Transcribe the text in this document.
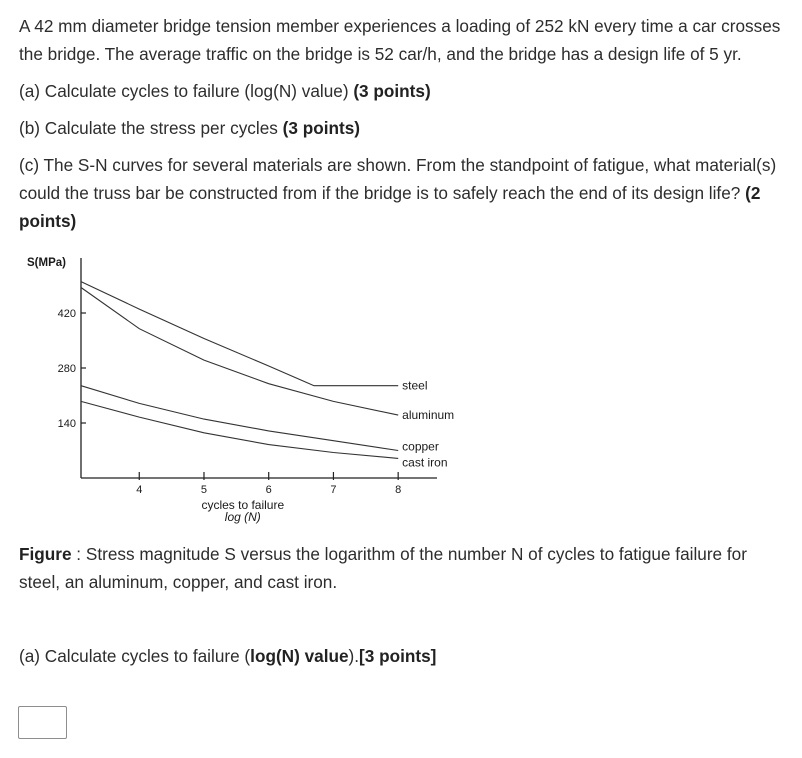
A 42 mm diameter bridge tension member experiences a loading of 252 kN every time a car crosses the bridge. The average traffic on the bridge is 52 car/h, and the bridge has a design life of 5 yr.

(a) Calculate cycles to failure (log(N) value) (3 points)

(b) Calculate the stress per cycles (3 points)

(c) The S-N curves for several materials are shown. From the standpoint of fatigue, what material(s) could the truss bar be constructed from if the bridge is to safely reach the end of its design life? (2 points)

140
280
420
4	5	6	7	8
S(MPa)
cycles to failure
log (N)
steel
aluminum
copper
cast iron

Figure : Stress magnitude S versus the logarithm of the number N of cycles to fatigue failure for steel, an aluminum, copper, and cast iron.

(a) Calculate cycles to failure (log(N) value).[3 points]
